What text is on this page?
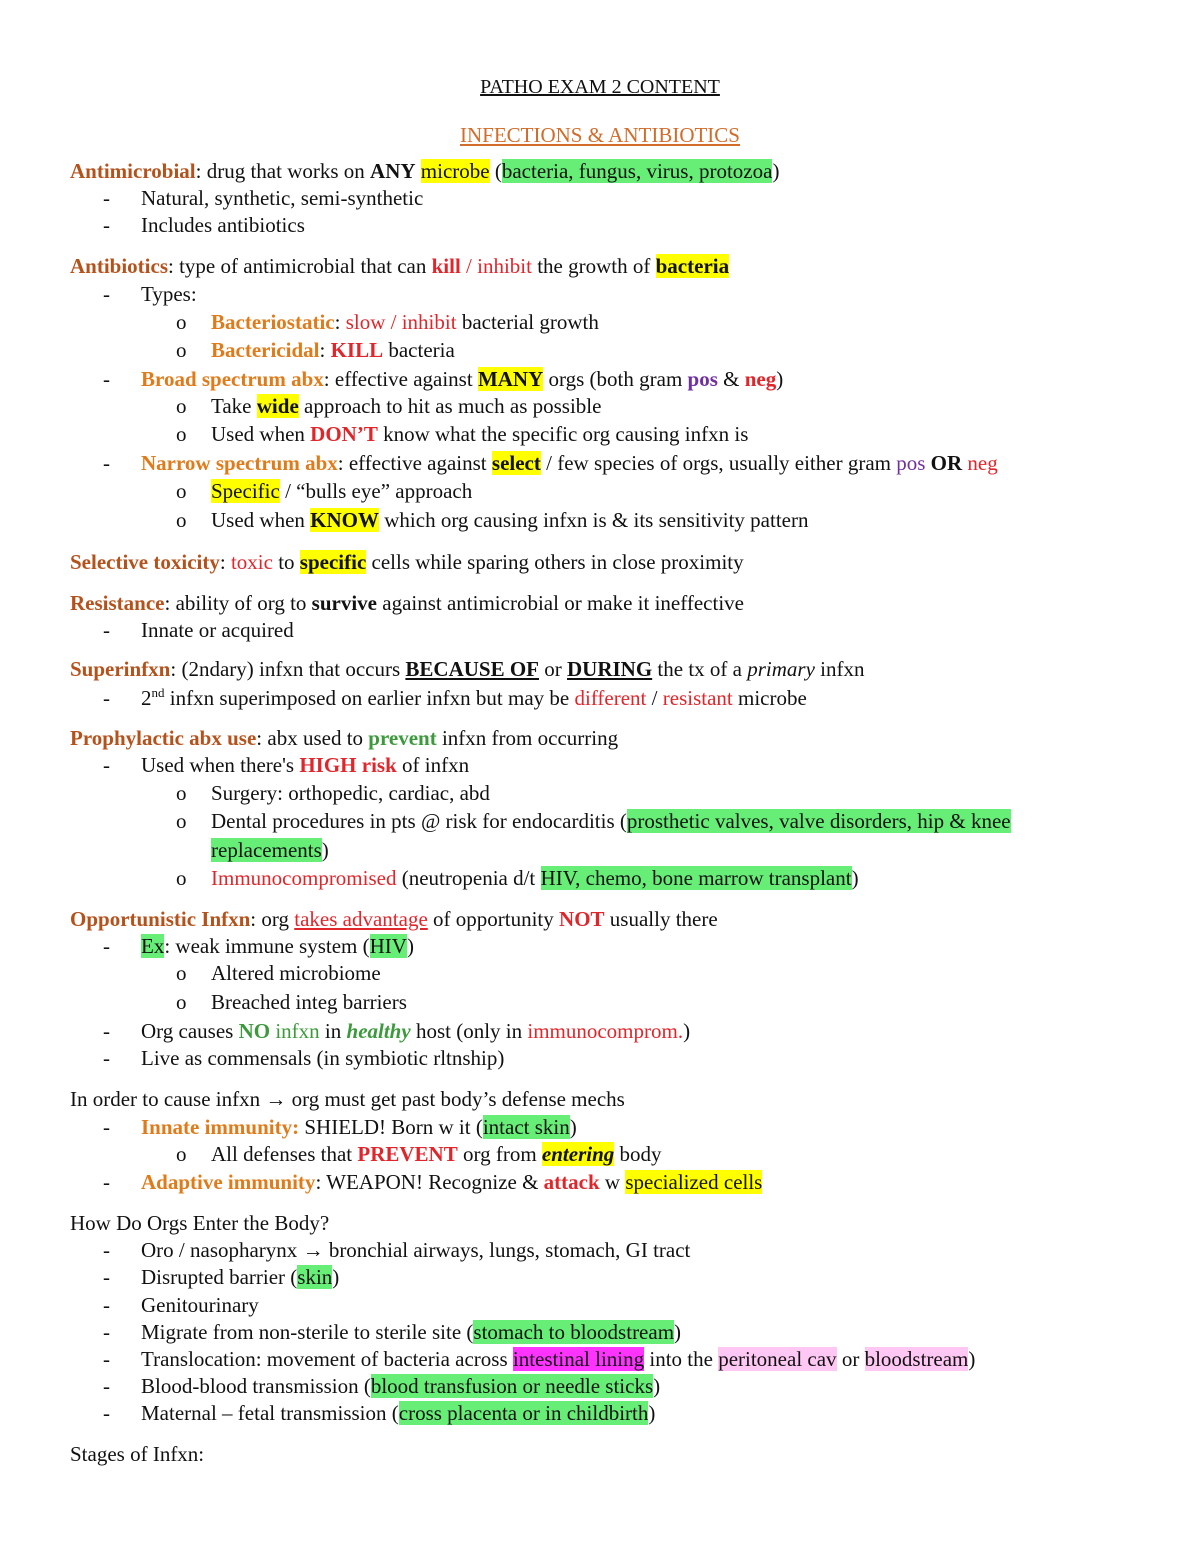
PATHO EXAM 2 CONTENT
INFECTIONS & ANTIBIOTICS
Antimicrobial: drug that works on ANY microbe (bacteria, fungus, virus, protozoa)
- Natural, synthetic, semi-synthetic
- Includes antibiotics
Antibiotics: type of antimicrobial that can kill / inhibit the growth of bacteria
- Types:
o Bacteriostatic: slow / inhibit bacterial growth
o Bactericidal: KILL bacteria
- Broad spectrum abx: effective against MANY orgs (both gram pos & neg)
o Take wide approach to hit as much as possible
o Used when DON’T know what the specific org causing infxn is
- Narrow spectrum abx: effective against select / few species of orgs, usually either gram pos OR neg
o Specific / “bulls eye” approach
o Used when KNOW which org causing infxn is & its sensitivity pattern
Selective toxicity: toxic to specific cells while sparing others in close proximity
Resistance: ability of org to survive against antimicrobial or make it ineffective
- Innate or acquired
Superinfxn: (2ndary) infxn that occurs BECAUSE OF or DURING the tx of a primary infxn
- 2nd infxn superimposed on earlier infxn but may be different / resistant microbe
Prophylactic abx use: abx used to prevent infxn from occurring
- Used when there's HIGH risk of infxn
o Surgery: orthopedic, cardiac, abd
o Dental procedures in pts @ risk for endocarditis (prosthetic valves, valve disorders, hip & knee
replacements)
o Immunocompromised (neutropenia d/t HIV, chemo, bone marrow transplant)
Opportunistic Infxn: org takes advantage of opportunity NOT usually there
- Ex: weak immune system (HIV)
o Altered microbiome
o Breached integ barriers
- Org causes NO infxn in healthy host (only in immunocomprom.)
- Live as commensals (in symbiotic rltnship)
In order to cause infxn → org must get past body’s defense mechs
- Innate immunity: SHIELD! Born w it (intact skin)
o All defenses that PREVENT org from entering body
- Adaptive immunity: WEAPON! Recognize & attack w specialized cells
How Do Orgs Enter the Body?
- Oro / nasopharynx → bronchial airways, lungs, stomach, GI tract
- Disrupted barrier (skin)
- Genitourinary
- Migrate from non-sterile to sterile site (stomach to bloodstream)
- Translocation: movement of bacteria across intestinal lining into the peritoneal cav or bloodstream)
- Blood-blood transmission (blood transfusion or needle sticks)
- Maternal – fetal transmission (cross placenta or in childbirth)
Stages of Infxn:
